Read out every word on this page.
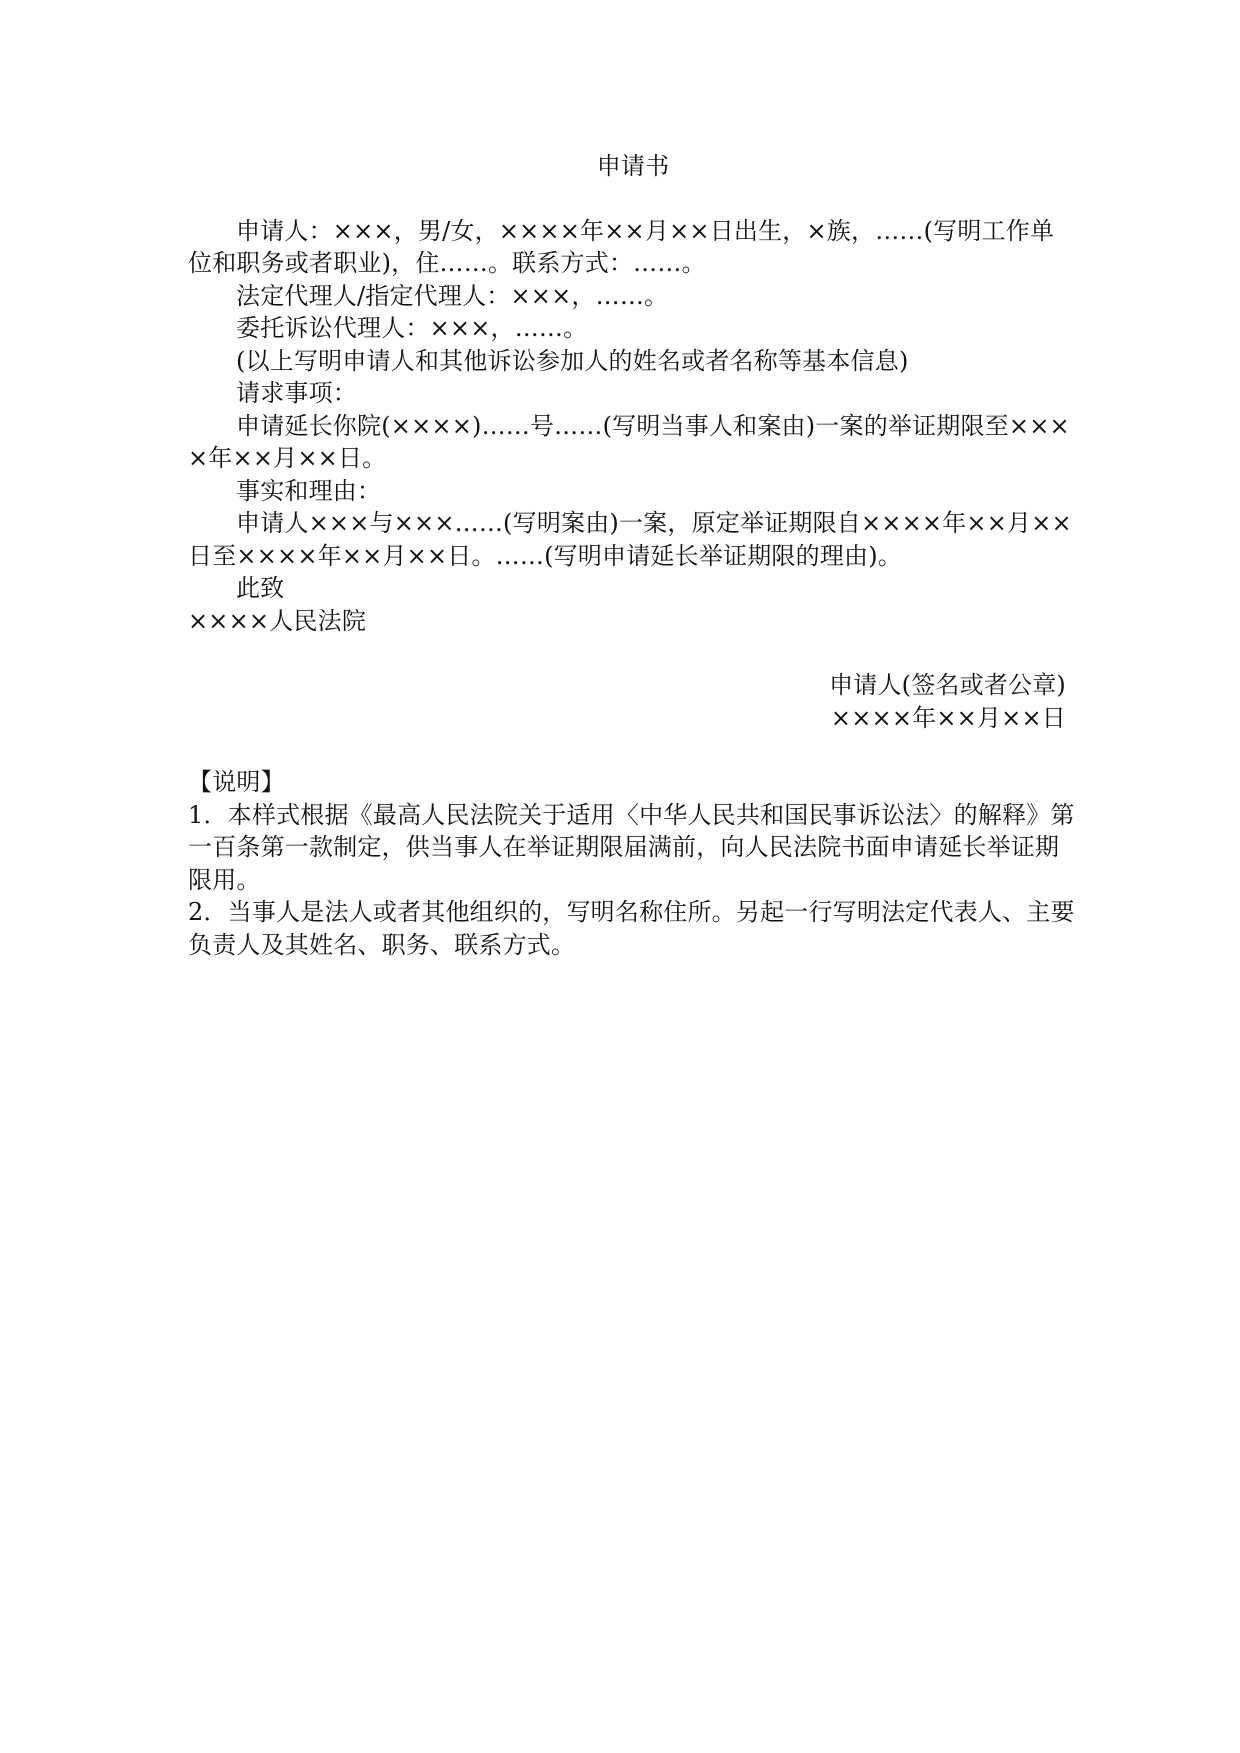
申请书

申请人：×××，男/女，××××年××月××日出生，×族，……(写明工作单位和职务或者职业)，住……。联系方式：……。

法定代理人/指定代理人：×××，……。

委托诉讼代理人：×××，……。

(以上写明申请人和其他诉讼参加人的姓名或者名称等基本信息)

请求事项：

申请延长你院(××××)……号……(写明当事人和案由)一案的举证期限至××××年××月××日。

事实和理由：

申请人×××与×××……(写明案由)一案，原定举证期限自××××年××月××日至××××年××月××日。……(写明申请延长举证期限的理由)。

此致

××××人民法院

申请人(签名或者公章)

××××年××月××日

【说明】

1．本样式根据《最高人民法院关于适用〈中华人民共和国民事诉讼法〉的解释》第一百条第一款制定，供当事人在举证期限届满前，向人民法院书面申请延长举证期限用。

2．当事人是法人或者其他组织的，写明名称住所。另起一行写明法定代表人、主要负责人及其姓名、职务、联系方式。
